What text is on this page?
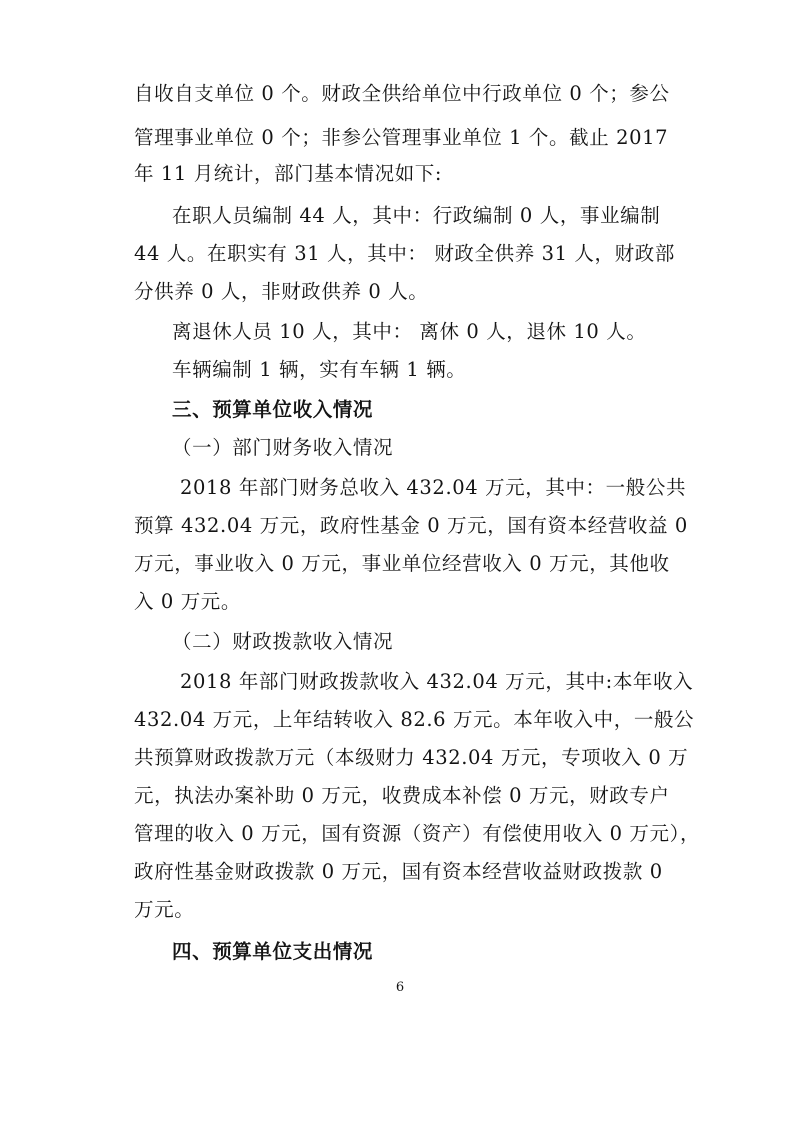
自收自支单位 0 个。财政全供给单位中行政单位 0 个；参公
管理事业单位 0 个；非参公管理事业单位 1 个。截止 2017
年 11 月统计，部门基本情况如下:
在职人员编制 44 人，其中：行政编制 0 人，事业编制
44 人。在职实有 31 人，其中： 财政全供养 31 人，财政部
分供养 0 人，非财政供养 0 人。
离退休人员 10 人，其中： 离休 0 人，退休 10 人。
车辆编制 1 辆，实有车辆 1 辆。
三、预算单位收入情况
（一）部门财务收入情况
2018 年部门财务总收入 432.04 万元，其中：一般公共
预算 432.04 万元，政府性基金 0 万元，国有资本经营收益 0
万元，事业收入 0 万元，事业单位经营收入 0 万元，其他收
入 0 万元。
（二）财政拨款收入情况
2018 年部门财政拨款收入 432.04 万元，其中:本年收入
432.04 万元，上年结转收入 82.6 万元。本年收入中，一般公
共预算财政拨款万元（本级财力 432.04 万元，专项收入 0 万
元，执法办案补助 0 万元，收费成本补偿 0 万元，财政专户
管理的收入 0 万元，国有资源（资产）有偿使用收入 0 万元），
政府性基金财政拨款 0 万元，国有资本经营收益财政拨款 0
万元。
四、预算单位支出情况
6
